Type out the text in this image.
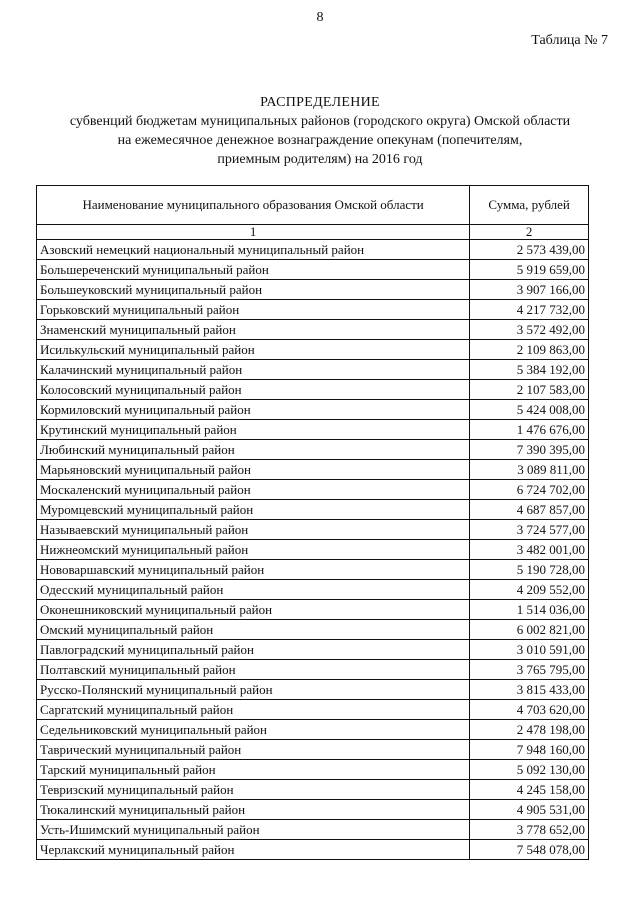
8
Таблица № 7
РАСПРЕДЕЛЕНИЕ
субвенций бюджетам муниципальных районов (городского округа) Омской области
на ежемесячное денежное вознаграждение опекунам (попечителям,
приемным родителям) на 2016 год
Наименование муниципального образования Омской области	Сумма, рублей
1	2
Азовский немецкий национальный муниципальный район	2 573 439,00
Большереченский муниципальный район	5 919 659,00
Большеуковский муниципальный район	3 907 166,00
Горьковский муниципальный район	4 217 732,00
Знаменский муниципальный район	3 572 492,00
Исилькульский муниципальный район	2 109 863,00
Калачинский муниципальный район	5 384 192,00
Колосовский муниципальный район	2 107 583,00
Кормиловский муниципальный район	5 424 008,00
Крутинский муниципальный район	1 476 676,00
Любинский муниципальный район	7 390 395,00
Марьяновский муниципальный район	3 089 811,00
Москаленский муниципальный район	6 724 702,00
Муромцевский муниципальный район	4 687 857,00
Называевский муниципальный район	3 724 577,00
Нижнеомский муниципальный район	3 482 001,00
Нововаршавский муниципальный район	5 190 728,00
Одесский муниципальный район	4 209 552,00
Оконешниковский муниципальный район	1 514 036,00
Омский муниципальный район	6 002 821,00
Павлоградский муниципальный район	3 010 591,00
Полтавский муниципальный район	3 765 795,00
Русско-Полянский муниципальный район	3 815 433,00
Саргатский муниципальный район	4 703 620,00
Седельниковский муниципальный район	2 478 198,00
Таврический муниципальный район	7 948 160,00
Тарский муниципальный район	5 092 130,00
Тевризский муниципальный район	4 245 158,00
Тюкалинский муниципальный район	4 905 531,00
Усть-Ишимский муниципальный район	3 778 652,00
Черлакский муниципальный район	7 548 078,00
